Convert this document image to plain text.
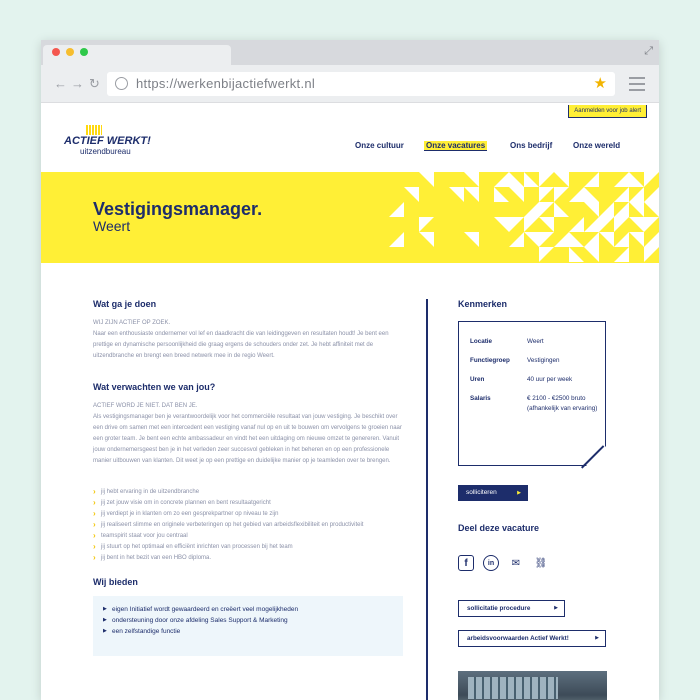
⤢
← → ↻	https://werkenbijactiefwerkt.nl	★
Aanmelden voor job alert
ACTIEF WERKT!
uitzendbureau
Onze cultuur	Onze vacatures	Ons bedrijf	Onze wereld
Vestigingsmanager.
Weert
Wat ga je doen
WIJ ZIJN ACTIEF OP ZOEK.
Naar een enthousiaste ondernemer vol lef en daadkracht die van leidinggeven en resultaten houdt! Je bent een prettige en dynamische persoonlijkheid die graag ergens de schouders onder zet. Je hebt affiniteit met de uitzendbranche en brengt een breed netwerk mee in de regio Weert.
Wat verwachten we van jou?
ACTIEF WORD JE NIET. DAT BEN JE.
Als vestigingsmanager ben je verantwoordelijk voor het commerciële resultaat van jouw vestiging. Je beschikt over een drive om samen met een intercedent een vestiging vanaf nul op en uit te bouwen om vervolgens te groeien naar een groter team. Je bent een echte ambassadeur en vindt het een uitdaging om nieuwe omzet te genereren. Vanuit jouw ondernemersgeest ben je in het verleden zeer succesvol gebleken in het beheren en op een professionele manier uitbouwen van klanten. Dit weet je op een prettige en duidelijke manier op je teamleden over te brengen.
› jij hebt ervaring in de uitzendbranche
› jij zet jouw visie om in concrete plannen en bent resultaatgericht
› jij verdiept je in klanten om zo een gesprekpartner op niveau te zijn
› jij realiseert slimme en originele verbeteringen op het gebied van arbeidsflexibiliteit en productiviteit
› teamspirit staat voor jou centraal
› jij stuurt op het optimaal en efficiënt inrichten van processen bij het team
› jij bent in het bezit van een HBO diploma.
Wij bieden
▶ eigen Initiatief wordt gewaardeerd en creëert veel mogelijkheden
▶ ondersteuning door onze afdeling Sales Support & Marketing
▶ een zelfstandige functie
Kenmerken
Locatie	Weert
Functiegroep	Vestigingen
Uren	40 uur per week
Salaris	€ 2100 - €2500 bruto (afhankelijk van ervaring)
solliciteren ▶
Deel deze vacature
f	in	✉	⛓
sollicitatie procedure ▶
arbeidsvoorwaarden Actief Werkt! ▶
